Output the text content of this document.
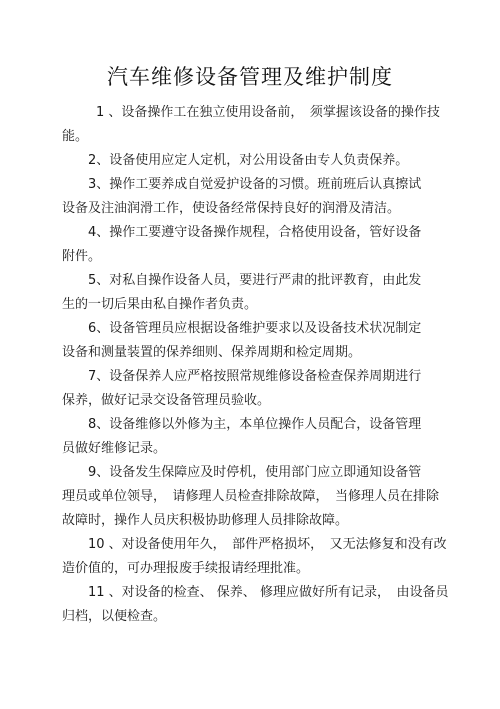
汽车维修设备管理及维护制度
1 、设备操作工在独立使用设备前，　须掌握该设备的操作技
能。
2、设备使用应定人定机，对公用设备由专人负责保养。
3、操作工要养成自觉爱护设备的习惯。班前班后认真擦试
设备及注油润滑工作，使设备经常保持良好的润滑及清洁。
4、操作工要遵守设备操作规程，合格使用设备，管好设备
附件。
5、对私自操作设备人员，要进行严肃的批评教育，由此发
生的一切后果由私自操作者负责。
6、设备管理员应根据设备维护要求以及设备技术状况制定
设备和测量装置的保养细则、保养周期和检定周期。
7、设备保养人应严格按照常规维修设备检查保养周期进行
保养，做好记录交设备管理员验收。
8、设备维修以外修为主，本单位操作人员配合，设备管理
员做好维修记录。
9、设备发生保障应及时停机，使用部门应立即通知设备管
理员或单位领导，　请修理人员检查排除故障，　当修理人员在排除
故障时，操作人员庆积极协助修理人员排除故障。
10 、对设备使用年久，　部件严格损坏，　又无法修复和没有改
造价值的，可办理报废手续报请经理批准。
11 、对设备的检查、 保养、 修理应做好所有记录，　由设备员
归档，以便检查。
